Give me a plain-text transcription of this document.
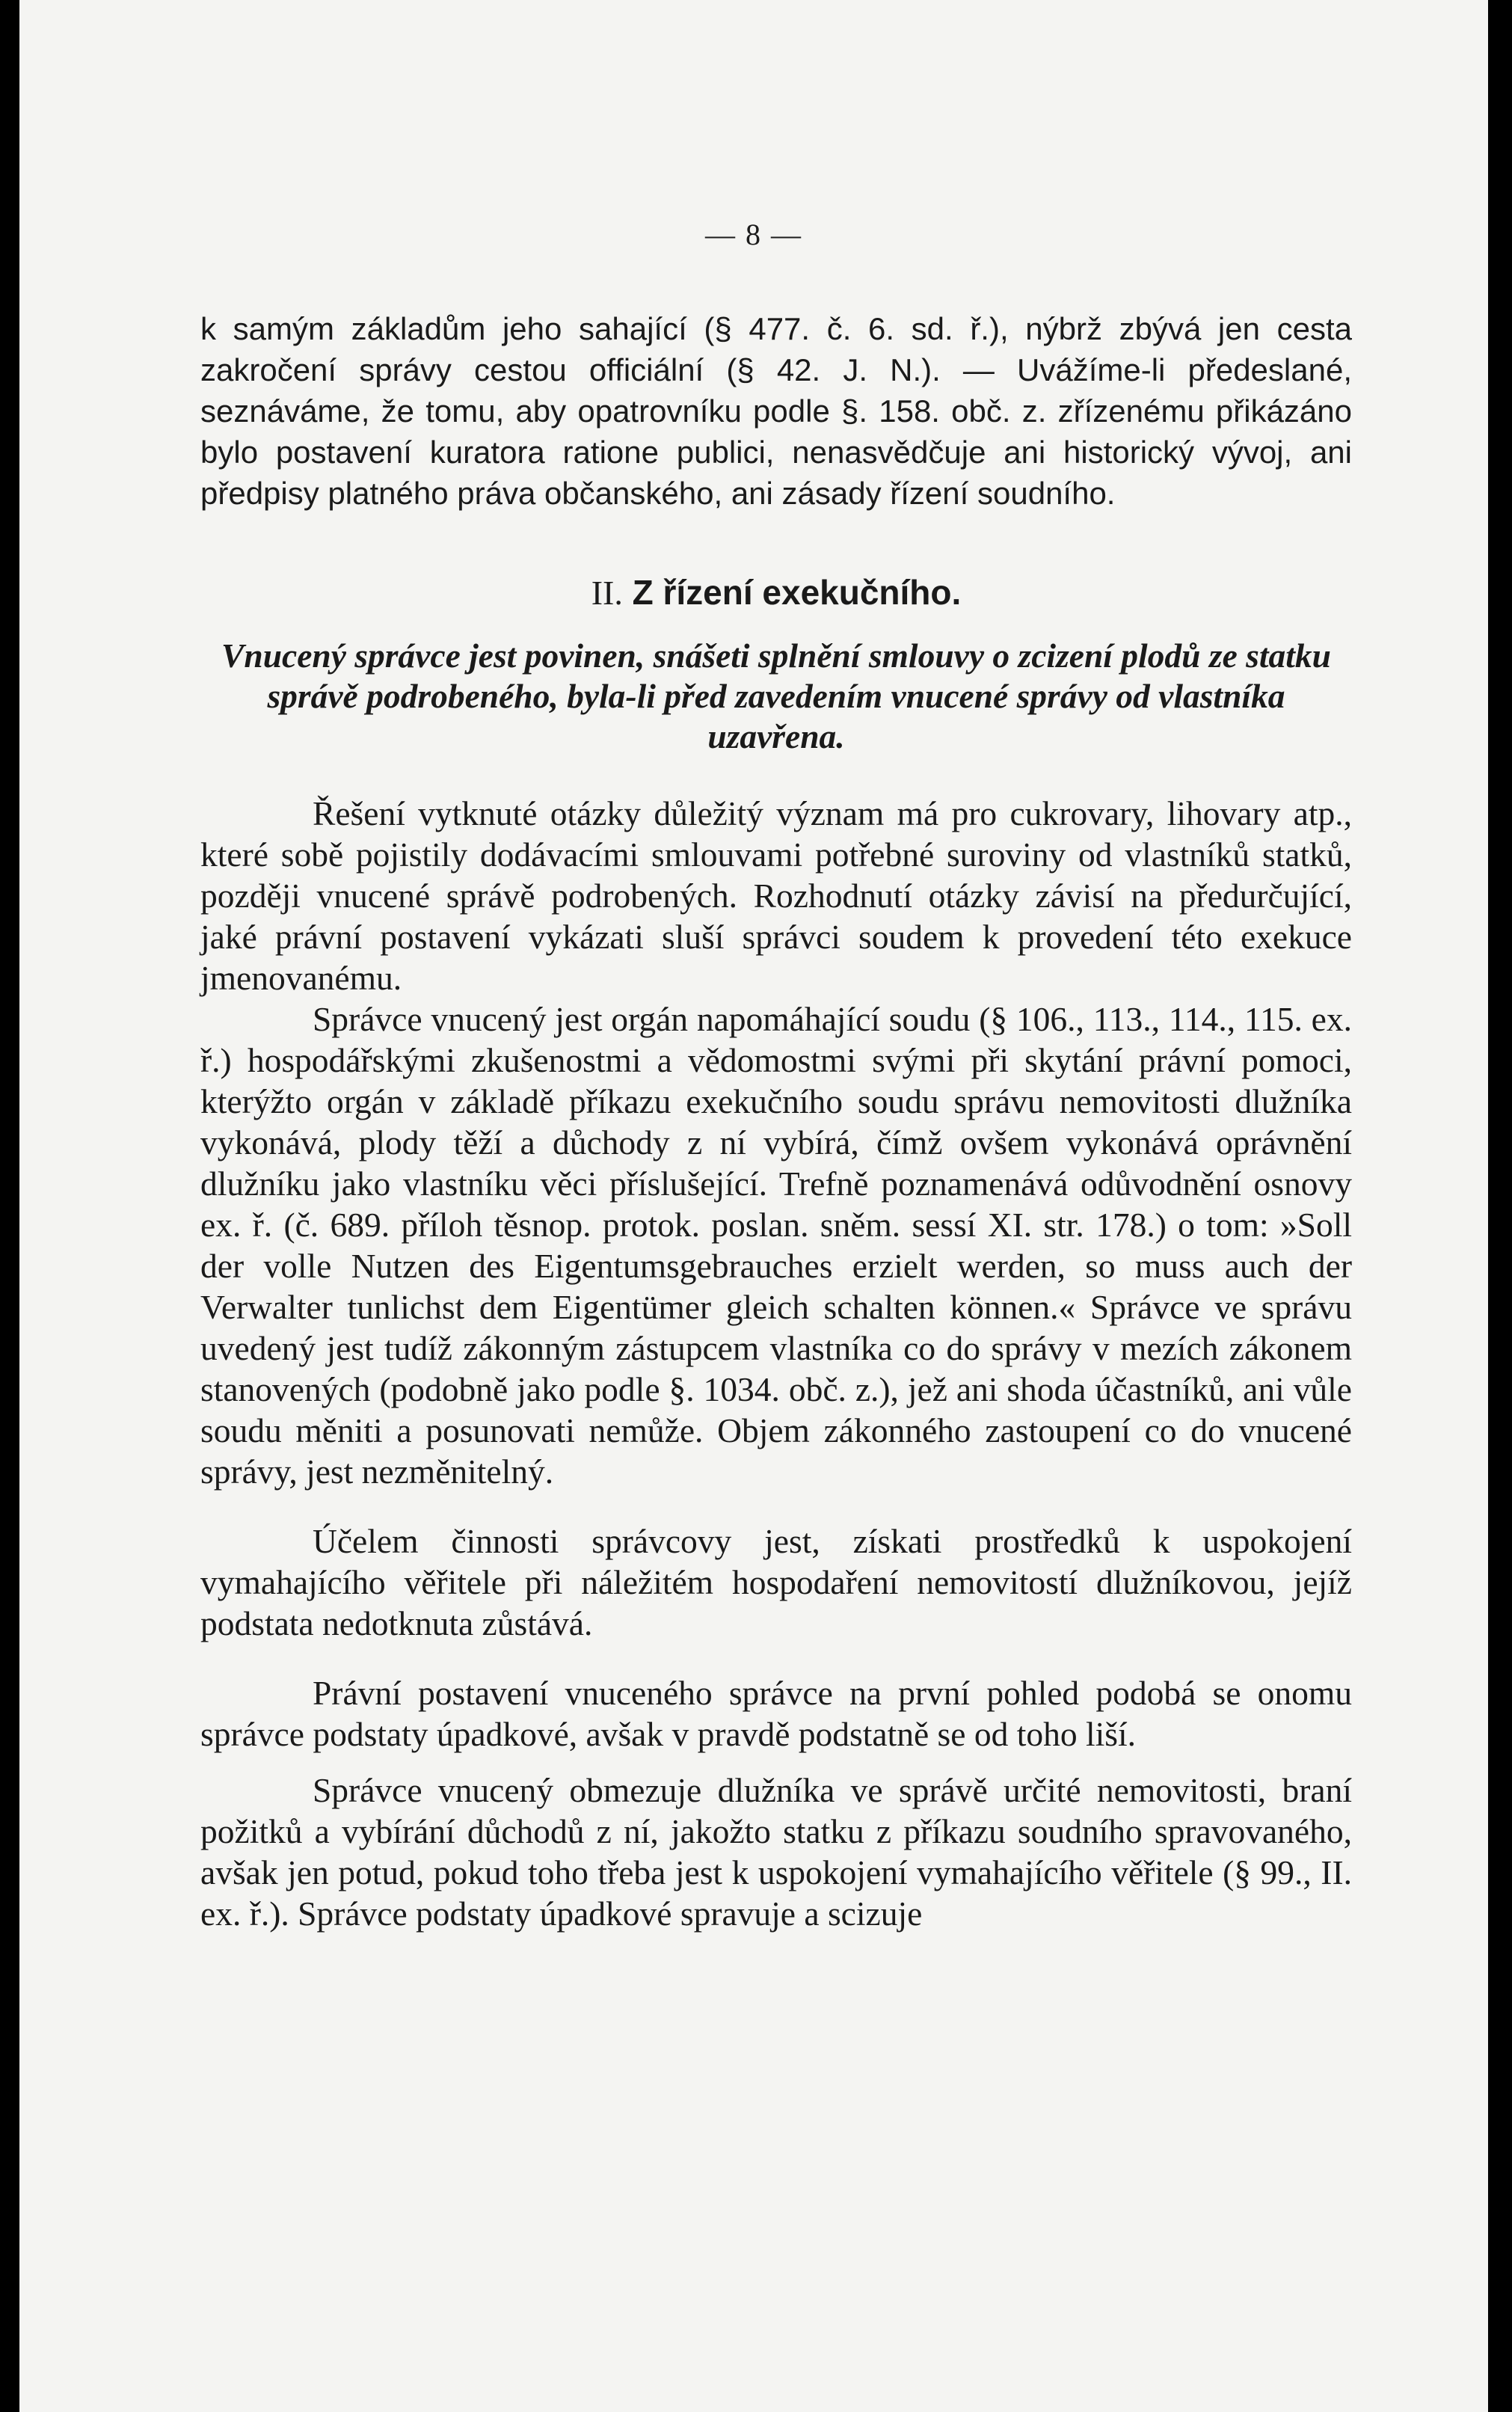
— 8 —

k samým základům jeho sahající (§ 477. č. 6. sd. ř.), nýbrž zbývá jen cesta zakročení správy cestou officiální (§ 42. J. N.). — Uvážíme-li předeslané, seznáváme, že tomu, aby opatrovníku podle §. 158. obč. z. zřízenému přikázáno bylo postavení kuratora ratione publici, nenasvědčuje ani historický vývoj, ani předpisy platného práva občanského, ani zásady řízení soudního.

II. Z řízení exekučního.

Vnucený správce jest povinen, snášeti splnění smlouvy o zcizení plodů ze statku správě podrobeného, byla-li před zavedením vnucené správy od vlastníka uzavřena.

Řešení vytknuté otázky důležitý význam má pro cukrovary, lihovary atp., které sobě pojistily dodávacími smlouvami potřebné suroviny od vlastníků statků, později vnucené správě podrobených. Rozhodnutí otázky závisí na předurčující, jaké právní postavení vykázati sluší správci soudem k provedení této exekuce jmenovanému.

Správce vnucený jest orgán napomáhající soudu (§ 106., 113., 114., 115. ex. ř.) hospodářskými zkušenostmi a vědomostmi svými při skytání právní pomoci, kterýžto orgán v základě příkazu exekučního soudu správu nemovitosti dlužníka vykonává, plody těží a důchody z ní vybírá, čímž ovšem vykonává oprávnění dlužníku jako vlastníku věci příslušející. Trefně poznamenává odůvodnění osnovy ex. ř. (č. 689. příloh těsnop. protok. poslan. sněm. sessí XI. str. 178.) o tom: »Soll der volle Nutzen des Eigentumsgebrauches erzielt werden, so muss auch der Verwalter tunlichst dem Eigentümer gleich schalten können.« Správce ve správu uvedený jest tudíž zákonným zástupcem vlastníka co do správy v mezích zákonem stanovených (podobně jako podle §. 1034. obč. z.), jež ani shoda účastníků, ani vůle soudu měniti a posunovati nemůže. Objem zákonného zastoupení co do vnucené správy, jest nezměnitelný.

Účelem činnosti správcovy jest, získati prostředků k uspokojení vymahajícího věřitele při náležitém hospodaření nemovitostí dlužníkovou, jejíž podstata nedotknuta zůstává.

Právní postavení vnuceného správce na první pohled podobá se onomu správce podstaty úpadkové, avšak v pravdě podstatně se od toho liší.

Správce vnucený obmezuje dlužníka ve správě určité nemovitosti, braní požitků a vybírání důchodů z ní, jakožto statku z příkazu soudního spravovaného, avšak jen potud, pokud toho třeba jest k uspokojení vymahajícího věřitele (§ 99., II. ex. ř.). Správce podstaty úpadkové spravuje a scizuje
